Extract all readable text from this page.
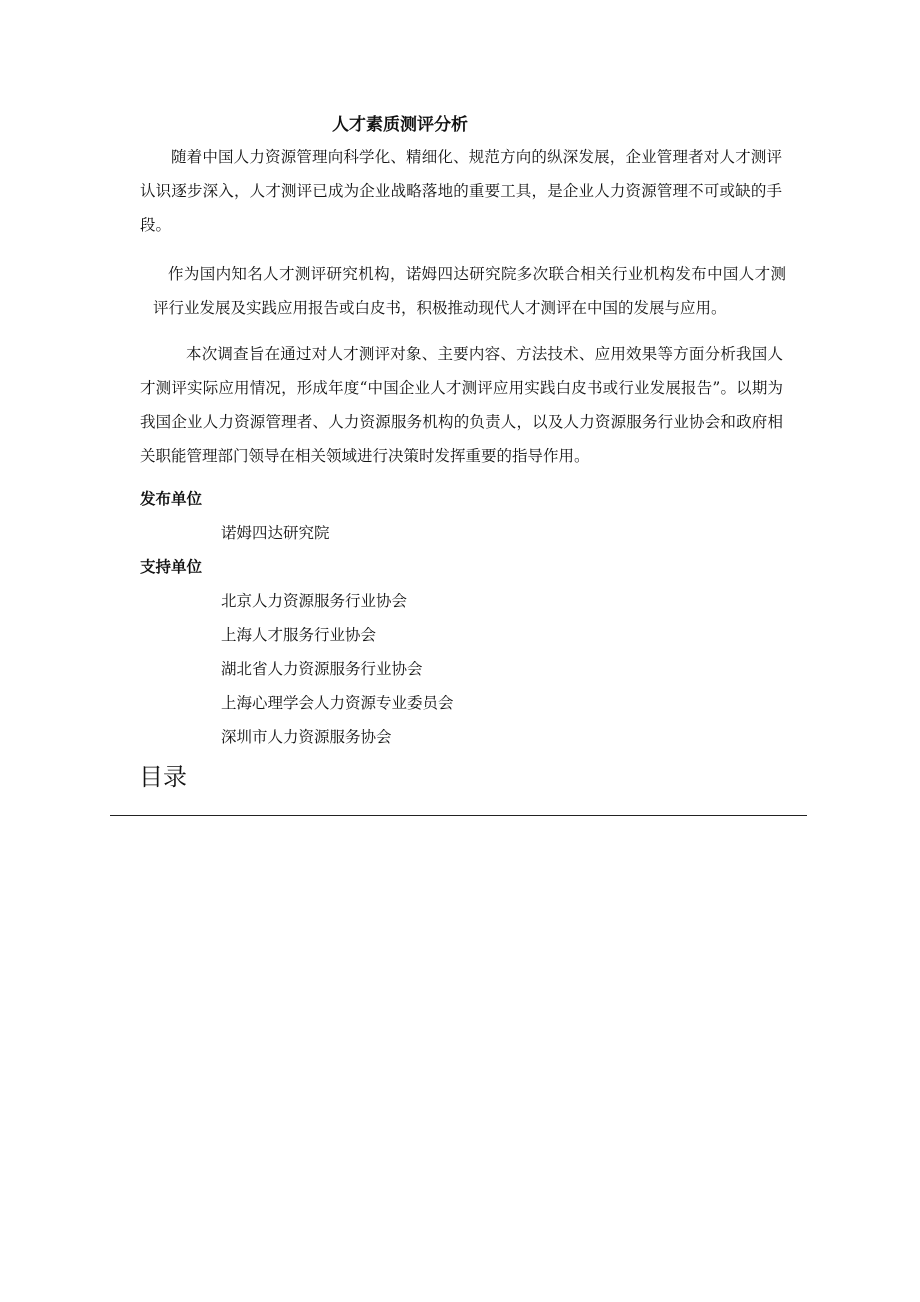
人才素质测评分析

随着中国人力资源管理向科学化、精细化、规范方向的纵深发展，企业管理者对人才测评认识逐步深入，人才测评已成为企业战略落地的重要工具，是企业人力资源管理不可或缺的手段。

作为国内知名人才测评研究机构，诺姆四达研究院多次联合相关行业机构发布中国人才测评行业发展及实践应用报告或白皮书，积极推动现代人才测评在中国的发展与应用。

本次调查旨在通过对人才测评对象、主要内容、方法技术、应用效果等方面分析我国人才测评实际应用情况，形成年度“中国企业人才测评应用实践白皮书或行业发展报告”。以期为我国企业人力资源管理者、人力资源服务机构的负责人，以及人力资源服务行业协会和政府相关职能管理部门领导在相关领域进行决策时发挥重要的指导作用。

发布单位
诺姆四达研究院
支持单位
北京人力资源服务行业协会
上海人才服务行业协会
湖北省人力资源服务行业协会
上海心理学会人力资源专业委员会
深圳市人力资源服务协会
目录
